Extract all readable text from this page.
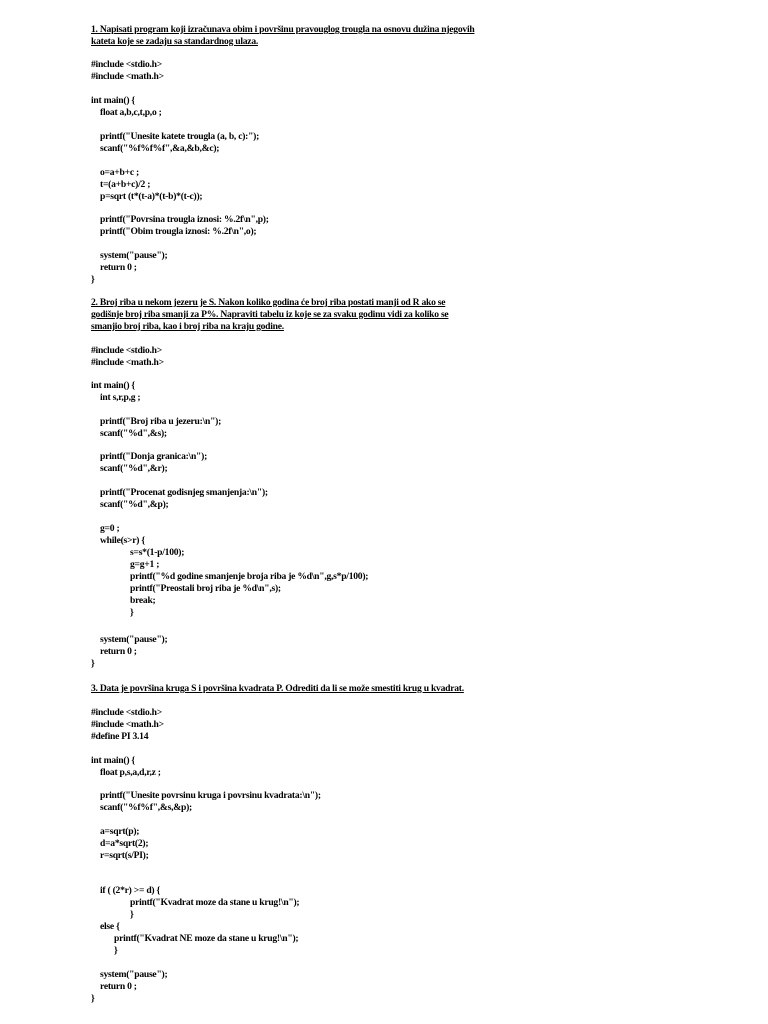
1. Napisati program koji izračunava obim i površinu pravouglog trougla na osnovu dužina njegovih
kateta koje se zadaju sa standardnog ulaza.
#include <stdio.h>
#include <math.h>
int main() {
float a,b,c,t,p,o ;
printf("Unesite katete trougla (a, b, c):");
scanf("%f%f%f",&a,&b,&c);
o=a+b+c ;
t=(a+b+c)/2 ;
p=sqrt (t*(t-a)*(t-b)*(t-c));
printf("Povrsina trougla iznosi: %.2f\n",p);
printf("Obim trougla iznosi: %.2f\n",o);
system("pause");
return 0 ;
}
2. Broj riba u nekom jezeru je S. Nakon koliko godina će broj riba postati manji od R ako se
godišnje broj riba smanji za P%. Napraviti tabelu iz koje se za svaku godinu vidi za koliko se
smanjio broj riba, kao i broj riba na kraju godine.
#include <stdio.h>
#include <math.h>
int main() {
int s,r,p,g ;
printf("Broj riba u jezeru:\n");
scanf("%d",&s);
printf("Donja granica:\n");
scanf("%d",&r);
printf("Procenat godisnjeg smanjenja:\n");
scanf("%d",&p);
g=0 ;
while(s>r) {
s=s*(1-p/100);
g=g+1 ;
printf("%d godine smanjenje broja riba je %d\n",g,s*p/100);
printf("Preostali broj riba je %d\n",s);
break;
}
system("pause");
return 0 ;
}
3. Data je površina kruga S i površina kvadrata P. Odrediti da li se može smestiti krug u kvadrat.
#include <stdio.h>
#include <math.h>
#define PI 3.14
int main() {
float p,s,a,d,r,z ;
printf("Unesite povrsinu kruga i povrsinu kvadrata:\n");
scanf("%f%f",&s,&p);
a=sqrt(p);
d=a*sqrt(2);
r=sqrt(s/PI);
if ( (2*r) >= d) {
printf("Kvadrat moze da stane u krug!\n");
}
else {
printf("Kvadrat NE moze da stane u krug!\n");
}
system("pause");
return 0 ;
}
